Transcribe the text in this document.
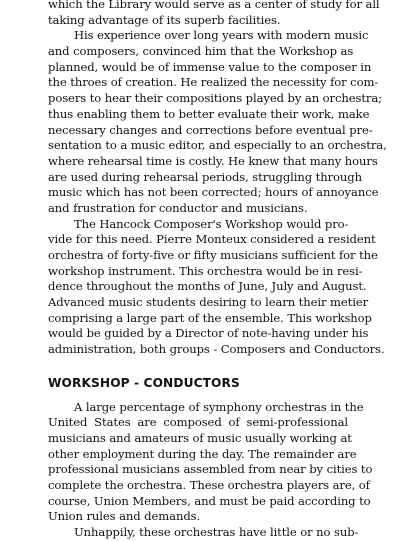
which the Library would serve as a center of study for all
taking advantage of its superb facilities.
His experience over long years with modern music
and composers, convinced him that the Workshop as
planned, would be of immense value to the composer in
the throes of creation. He realized the necessity for com-
posers to hear their compositions played by an orchestra;
thus enabling them to better evaluate their work, make
necessary changes and corrections before eventual pre-
sentation to a music editor, and especially to an orchestra,
where rehearsal time is costly. He knew that many hours
are used during rehearsal periods, struggling through
music which has not been corrected; hours of annoyance
and frustration for conductor and musicians.
The Hancock Composer's Workshop would pro-
vide for this need. Pierre Monteux considered a resident
orchestra of forty-five or fifty musicians sufficient for the
workshop instrument. This orchestra would be in resi-
dence throughout the months of June, July and August.
Advanced music students desiring to learn their metier
comprising a large part of the ensemble. This workshop
would be guided by a Director of note-having under his
administration, both groups - Composers and Conductors.
WORKSHOP - CONDUCTORS
A large percentage of symphony orchestras in the
United States are composed of semi-professional
musicians and amateurs of music usually working at
other employment during the day. The remainder are
professional musicians assembled from near by cities to
complete the orchestra. These orchestra players are, of
course, Union Members, and must be paid according to
Union rules and demands.
Unhappily, these orchestras have little or no sub-
